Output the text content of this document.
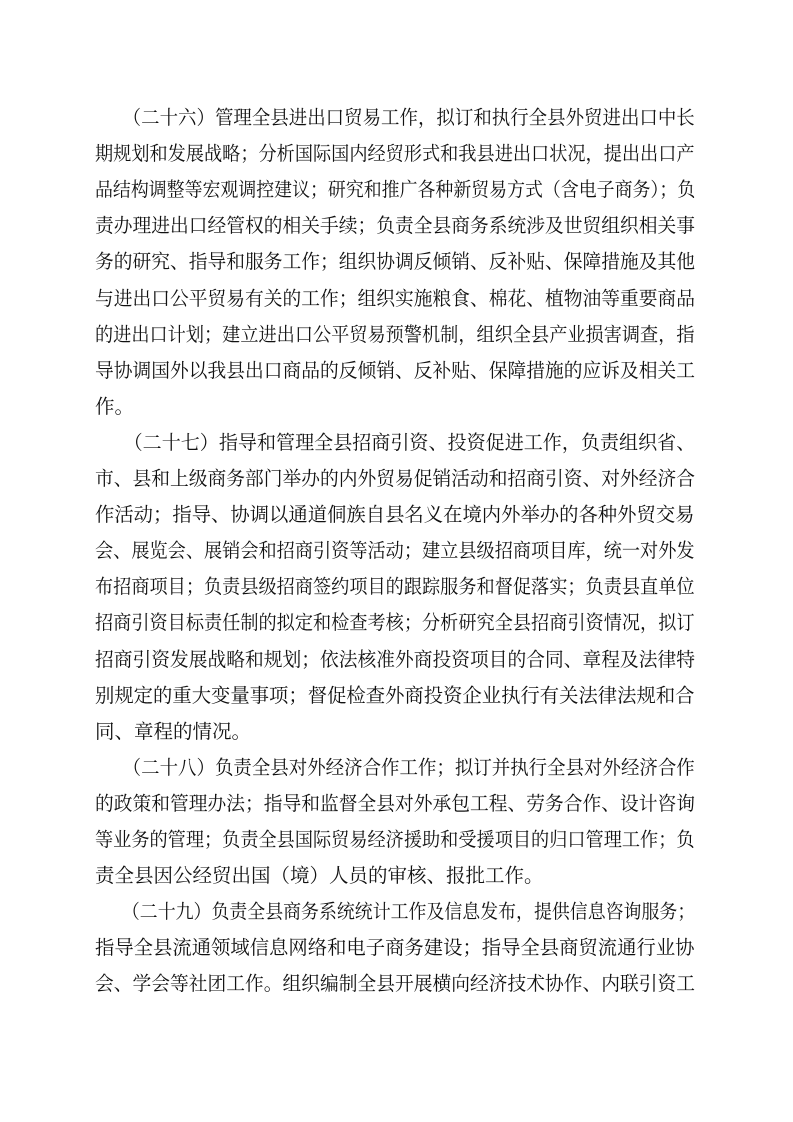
　　（二十六）管理全县进出口贸易工作，拟订和执行全县外贸进出口中长
期规划和发展战略；分析国际国内经贸形式和我县进出口状况，提出出口产
品结构调整等宏观调控建议；研究和推广各种新贸易方式（含电子商务）；负
责办理进出口经管权的相关手续；负责全县商务系统涉及世贸组织相关事
务的研究、指导和服务工作；组织协调反倾销、反补贴、保障措施及其他
与进出口公平贸易有关的工作；组织实施粮食、棉花、植物油等重要商品
的进出口计划；建立进出口公平贸易预警机制，组织全县产业损害调查，指
导协调国外以我县出口商品的反倾销、反补贴、保障措施的应诉及相关工
作。
　　（二十七）指导和管理全县招商引资、投资促进工作，负责组织省、
市、县和上级商务部门举办的内外贸易促销活动和招商引资、对外经济合
作活动；指导、协调以通道侗族自县名义在境内外举办的各种外贸交易
会、展览会、展销会和招商引资等活动；建立县级招商项目库，统一对外发
布招商项目；负责县级招商签约项目的跟踪服务和督促落实；负责县直单位
招商引资目标责任制的拟定和检查考核；分析研究全县招商引资情况，拟订
招商引资发展战略和规划；依法核准外商投资项目的合同、章程及法律特
别规定的重大变量事项；督促检查外商投资企业执行有关法律法规和合
同、章程的情况。
　　（二十八）负责全县对外经济合作工作；拟订并执行全县对外经济合作
的政策和管理办法；指导和监督全县对外承包工程、劳务合作、设计咨询
等业务的管理；负责全县国际贸易经济援助和受援项目的归口管理工作；负
责全县因公经贸出国（境）人员的审核、报批工作。
　　（二十九）负责全县商务系统统计工作及信息发布，提供信息咨询服务；
指导全县流通领域信息网络和电子商务建设；指导全县商贸流通行业协
会、学会等社团工作。组织编制全县开展横向经济技术协作、内联引资工
